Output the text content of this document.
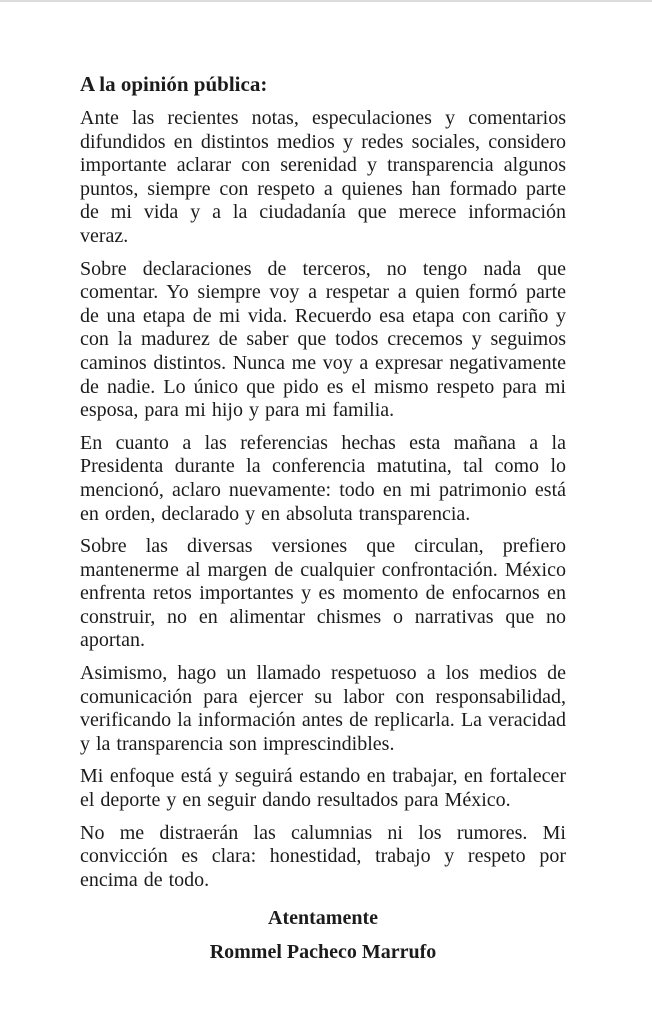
A la opinión pública:

Ante las recientes notas, especulaciones y comentarios difundidos en distintos medios y redes sociales, considero importante aclarar con serenidad y transparencia algunos puntos, siempre con respeto a quienes han formado parte de mi vida y a la ciudadanía que merece información veraz.

Sobre declaraciones de terceros, no tengo nada que comentar. Yo siempre voy a respetar a quien formó parte de una etapa de mi vida. Recuerdo esa etapa con cariño y con la madurez de saber que todos crecemos y seguimos caminos distintos. Nunca me voy a expresar negativamente de nadie. Lo único que pido es el mismo respeto para mi esposa, para mi hijo y para mi familia.

En cuanto a las referencias hechas esta mañana a la Presidenta durante la conferencia matutina, tal como lo mencionó, aclaro nuevamente: todo en mi patrimonio está en orden, declarado y en absoluta transparencia.

Sobre las diversas versiones que circulan, prefiero mantenerme al margen de cualquier confrontación. México enfrenta retos importantes y es momento de enfocarnos en construir, no en alimentar chismes o narrativas que no aportan.

Asimismo, hago un llamado respetuoso a los medios de comunicación para ejercer su labor con responsabilidad, verificando la información antes de replicarla. La veracidad y la transparencia son imprescindibles.

Mi enfoque está y seguirá estando en trabajar, en fortalecer el deporte y en seguir dando resultados para México.

No me distraerán las calumnias ni los rumores. Mi convicción es clara: honestidad, trabajo y respeto por encima de todo.

Atentamente

Rommel Pacheco Marrufo
